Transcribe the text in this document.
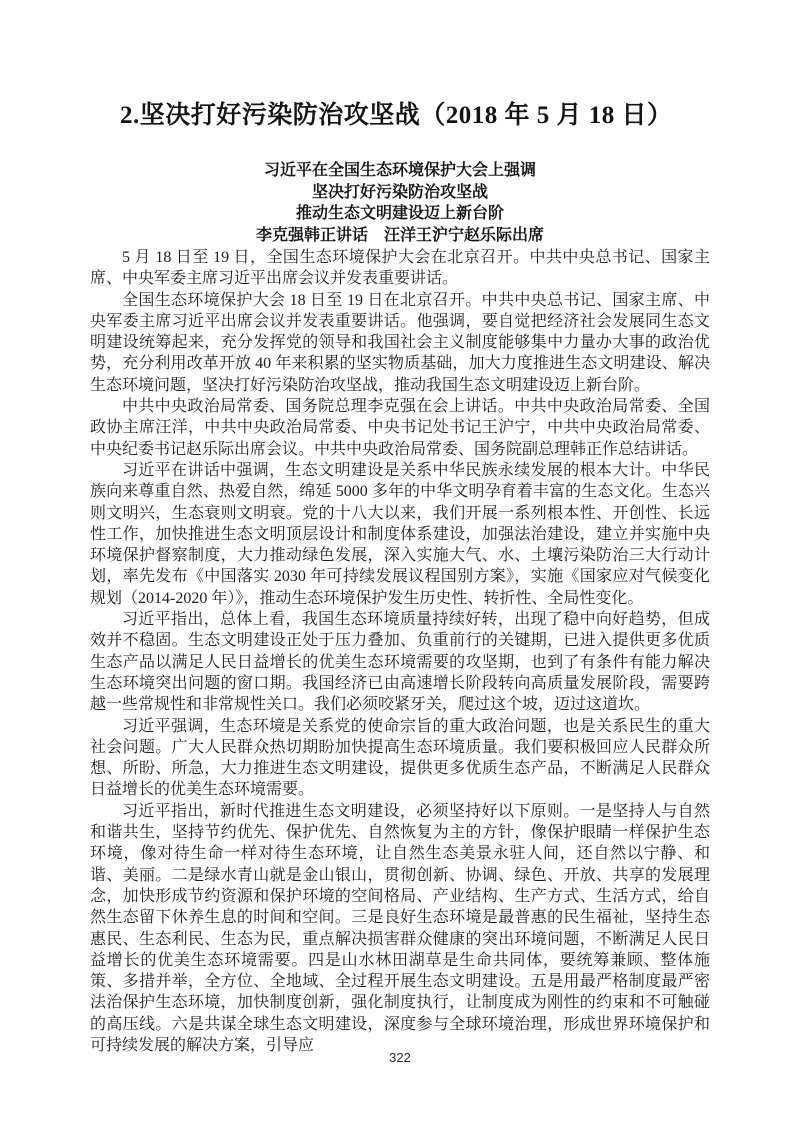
2.坚决打好污染防治攻坚战（2018 年 5 月 18 日）
习近平在全国生态环境保护大会上强调
坚决打好污染防治攻坚战
推动生态文明建设迈上新台阶
李克强韩正讲话　汪洋王沪宁赵乐际出席

5 月 18 日至 19 日，全国生态环境保护大会在北京召开。中共中央总书记、国家主席、中央军委主席习近平出席会议并发表重要讲话。

全国生态环境保护大会 18 日至 19 日在北京召开。中共中央总书记、国家主席、中央军委主席习近平出席会议并发表重要讲话。他强调，要自觉把经济社会发展同生态文明建设统筹起来，充分发挥党的领导和我国社会主义制度能够集中力量办大事的政治优势，充分利用改革开放 40 年来积累的坚实物质基础，加大力度推进生态文明建设、解决生态环境问题，坚决打好污染防治攻坚战，推动我国生态文明建设迈上新台阶。

中共中央政治局常委、国务院总理李克强在会上讲话。中共中央政治局常委、全国政协主席汪洋，中共中央政治局常委、中央书记处书记王沪宁，中共中央政治局常委、中央纪委书记赵乐际出席会议。中共中央政治局常委、国务院副总理韩正作总结讲话。

习近平在讲话中强调，生态文明建设是关系中华民族永续发展的根本大计。中华民族向来尊重自然、热爱自然，绵延 5000 多年的中华文明孕育着丰富的生态文化。生态兴则文明兴，生态衰则文明衰。党的十八大以来，我们开展一系列根本性、开创性、长远性工作，加快推进生态文明顶层设计和制度体系建设，加强法治建设，建立并实施中央环境保护督察制度，大力推动绿色发展，深入实施大气、水、土壤污染防治三大行动计划，率先发布《中国落实 2030 年可持续发展议程国别方案》，实施《国家应对气候变化规划（2014-2020 年）》，推动生态环境保护发生历史性、转折性、全局性变化。

习近平指出，总体上看，我国生态环境质量持续好转，出现了稳中向好趋势，但成效并不稳固。生态文明建设正处于压力叠加、负重前行的关键期，已进入提供更多优质生态产品以满足人民日益增长的优美生态环境需要的攻坚期，也到了有条件有能力解决生态环境突出问题的窗口期。我国经济已由高速增长阶段转向高质量发展阶段，需要跨越一些常规性和非常规性关口。我们必须咬紧牙关，爬过这个坡，迈过这道坎。

习近平强调，生态环境是关系党的使命宗旨的重大政治问题，也是关系民生的重大社会问题。广大人民群众热切期盼加快提高生态环境质量。我们要积极回应人民群众所想、所盼、所急，大力推进生态文明建设，提供更多优质生态产品，不断满足人民群众日益增长的优美生态环境需要。

习近平指出，新时代推进生态文明建设，必须坚持好以下原则。一是坚持人与自然和谐共生，坚持节约优先、保护优先、自然恢复为主的方针，像保护眼睛一样保护生态环境，像对待生命一样对待生态环境，让自然生态美景永驻人间，还自然以宁静、和谐、美丽。二是绿水青山就是金山银山，贯彻创新、协调、绿色、开放、共享的发展理念，加快形成节约资源和保护环境的空间格局、产业结构、生产方式、生活方式，给自然生态留下休养生息的时间和空间。三是良好生态环境是最普惠的民生福祉，坚持生态惠民、生态利民、生态为民，重点解决损害群众健康的突出环境问题，不断满足人民日益增长的优美生态环境需要。四是山水林田湖草是生命共同体，要统筹兼顾、整体施策、多措并举，全方位、全地域、全过程开展生态文明建设。五是用最严格制度最严密法治保护生态环境，加快制度创新，强化制度执行，让制度成为刚性的约束和不可触碰的高压线。六是共谋全球生态文明建设，深度参与全球环境治理，形成世界环境保护和可持续发展的解决方案，引导应

322
